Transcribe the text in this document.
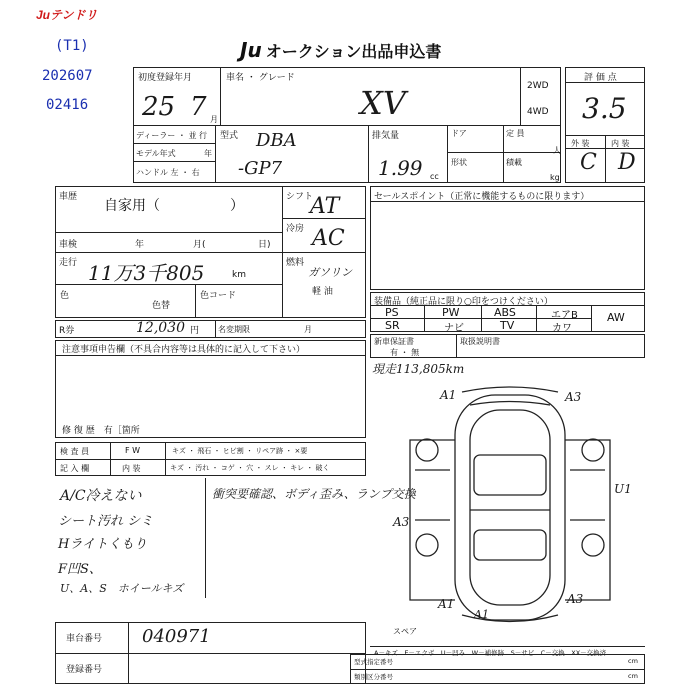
Juテンドリ
(T1)
202607
02416
Ju オークション出品申込書
初度登録年月
25 7 月
車名 ・ グレード
XV	2WD
4WD
ディーラー ・ 並 行
モデル年式	年
ハンドル 左 ・ 右
型式 DBA
-GP7
排気量
1.99 cc
ドア	定 員
人
形状	積載
kg
評 価 点
3.5
外 装	内 装
C D
車歴
自家用（　　　　　）
車検	年	月(	日)
走行 11万3千805	km
色
色替
色コード
シフト
AT
冷房 AC
燃料
ガソリン
軽 油
R券	12,030 円 名変期限	月
注意事項申告欄（不具合内容等は具体的に記入して下さい）
修 復 歴　有［箇所
セールスポイント（正常に機能するものに限ります）
装備品（純正品に限り○印をつけください）
PS	PW	ABS	エアB	AW
SR	ナビ	TV	カワ
新車保証書
有 ・ 無
取扱説明書
現走113,805km
検 査 員	F W	キズ ・ 飛石 ・ ヒビ割 ・ リペア跡 ・ ×要
記 入 欄	内 装	キズ ・ 汚れ ・ コゲ ・ 穴 ・ スレ ・ キレ ・ 破く
A/C冷えない
シート汚れ シミ
Hライトくもり
F凹S、
U、A、S　ホイールキズ
衝突要確認、ボディ歪み、ランプ交換
A1	A3
U1
A3
A1	A3
A1
スペア
車台番号 040971
登録番号
A－キズ　E－エクボ　U－凹み　W－補修跡　S－サビ　C－交換　XX－交換済
型式指定番号
類別区分番号
cm
cm
